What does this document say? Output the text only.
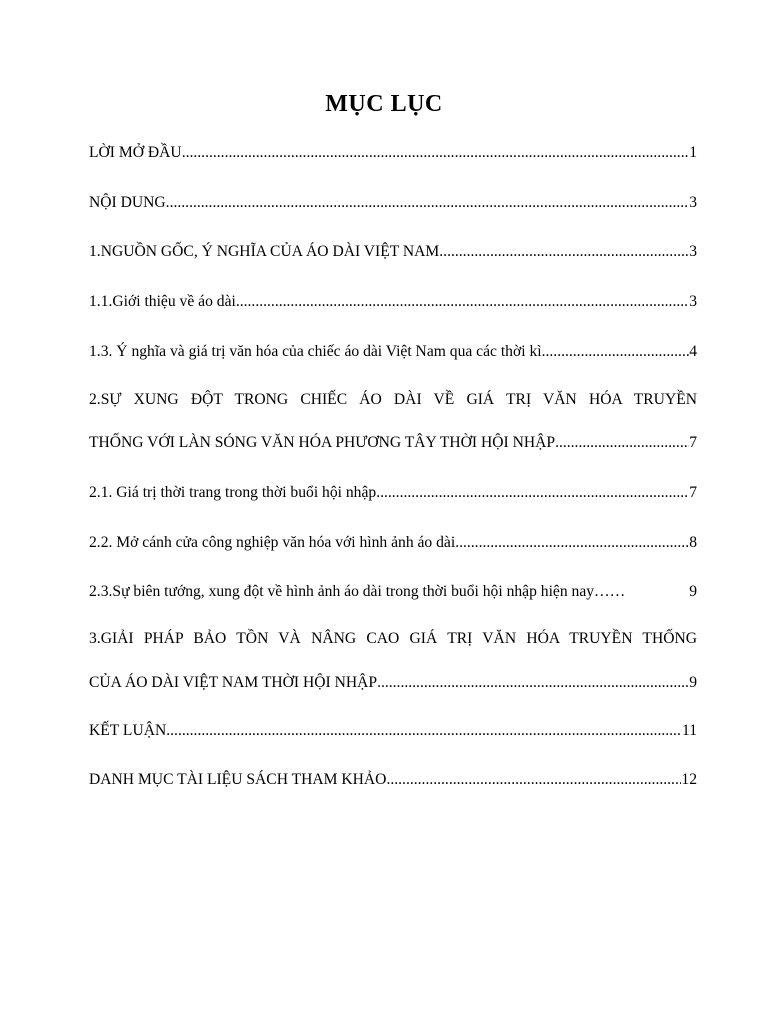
MỤC LỤC
LỜI MỞ ĐẦU .....	1
NỘI DUNG .....	3
1.NGUỒN GỐC, Ý NGHĨA CỦA ÁO DÀI VIỆT NAM .....	3
1.1.Giới thiệu về áo dài .....	3
1.3. Ý nghĩa và giá trị văn hóa của chiếc áo dài Việt Nam qua các thời kì .....	4
2.SỰ XUNG ĐỘT TRONG CHIẾC ÁO DÀI VỀ GIÁ TRỊ VĂN HÓA TRUYỀN
THỐNG VỚI LÀN SÓNG VĂN HÓA PHƯƠNG TÂY THỜI HỘI NHẬP .....	7
2.1. Giá trị thời trang trong thời buổi hội nhập .....	7
2.2. Mở cánh cửa công nghiệp văn hóa với hình ảnh áo dài .....	8
2.3.Sự biên tướng, xung đột về hình ảnh áo dài trong thời buổi hội nhập hiện nay ……	9
3.GIẢI PHÁP BẢO TỒN VÀ NÂNG CAO GIÁ TRỊ VĂN HÓA TRUYỀN THỐNG
CỦA ÁO DÀI VIỆT NAM THỜI HỘI NHẬP .....	9
KẾT LUẬN .....	11
DANH MỤC TÀI LIỆU SÁCH THAM KHẢO .....	12
